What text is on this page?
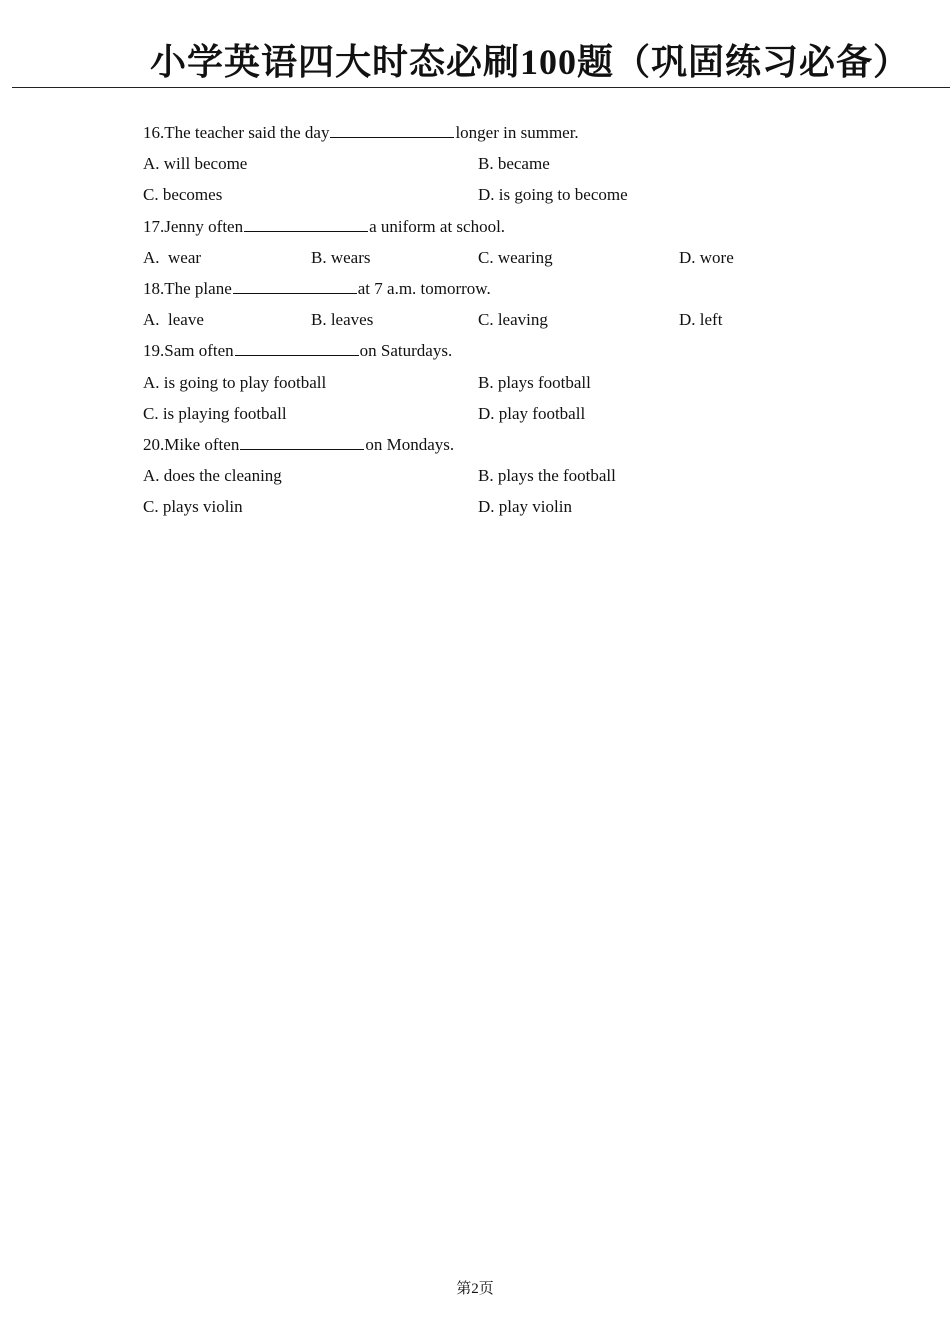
小学英语四大时态必刷100题（巩固练习必备）
16.The teacher said the day	longer in summer.
A. will become	B. became
C. becomes	D. is going to become
17.Jenny often	a uniform at school.
A.  wear	B. wears	C. wearing	D. wore
18.The plane	at 7 a.m. tomorrow.
A.  leave	B. leaves	C. leaving	D. left
19.Sam often	on Saturdays.
A. is going to play football	B. plays football
C. is playing football	D. play football
20.Mike often	on Mondays.
A. does the cleaning	B. plays the football
C. plays violin	D. play violin
第2页
